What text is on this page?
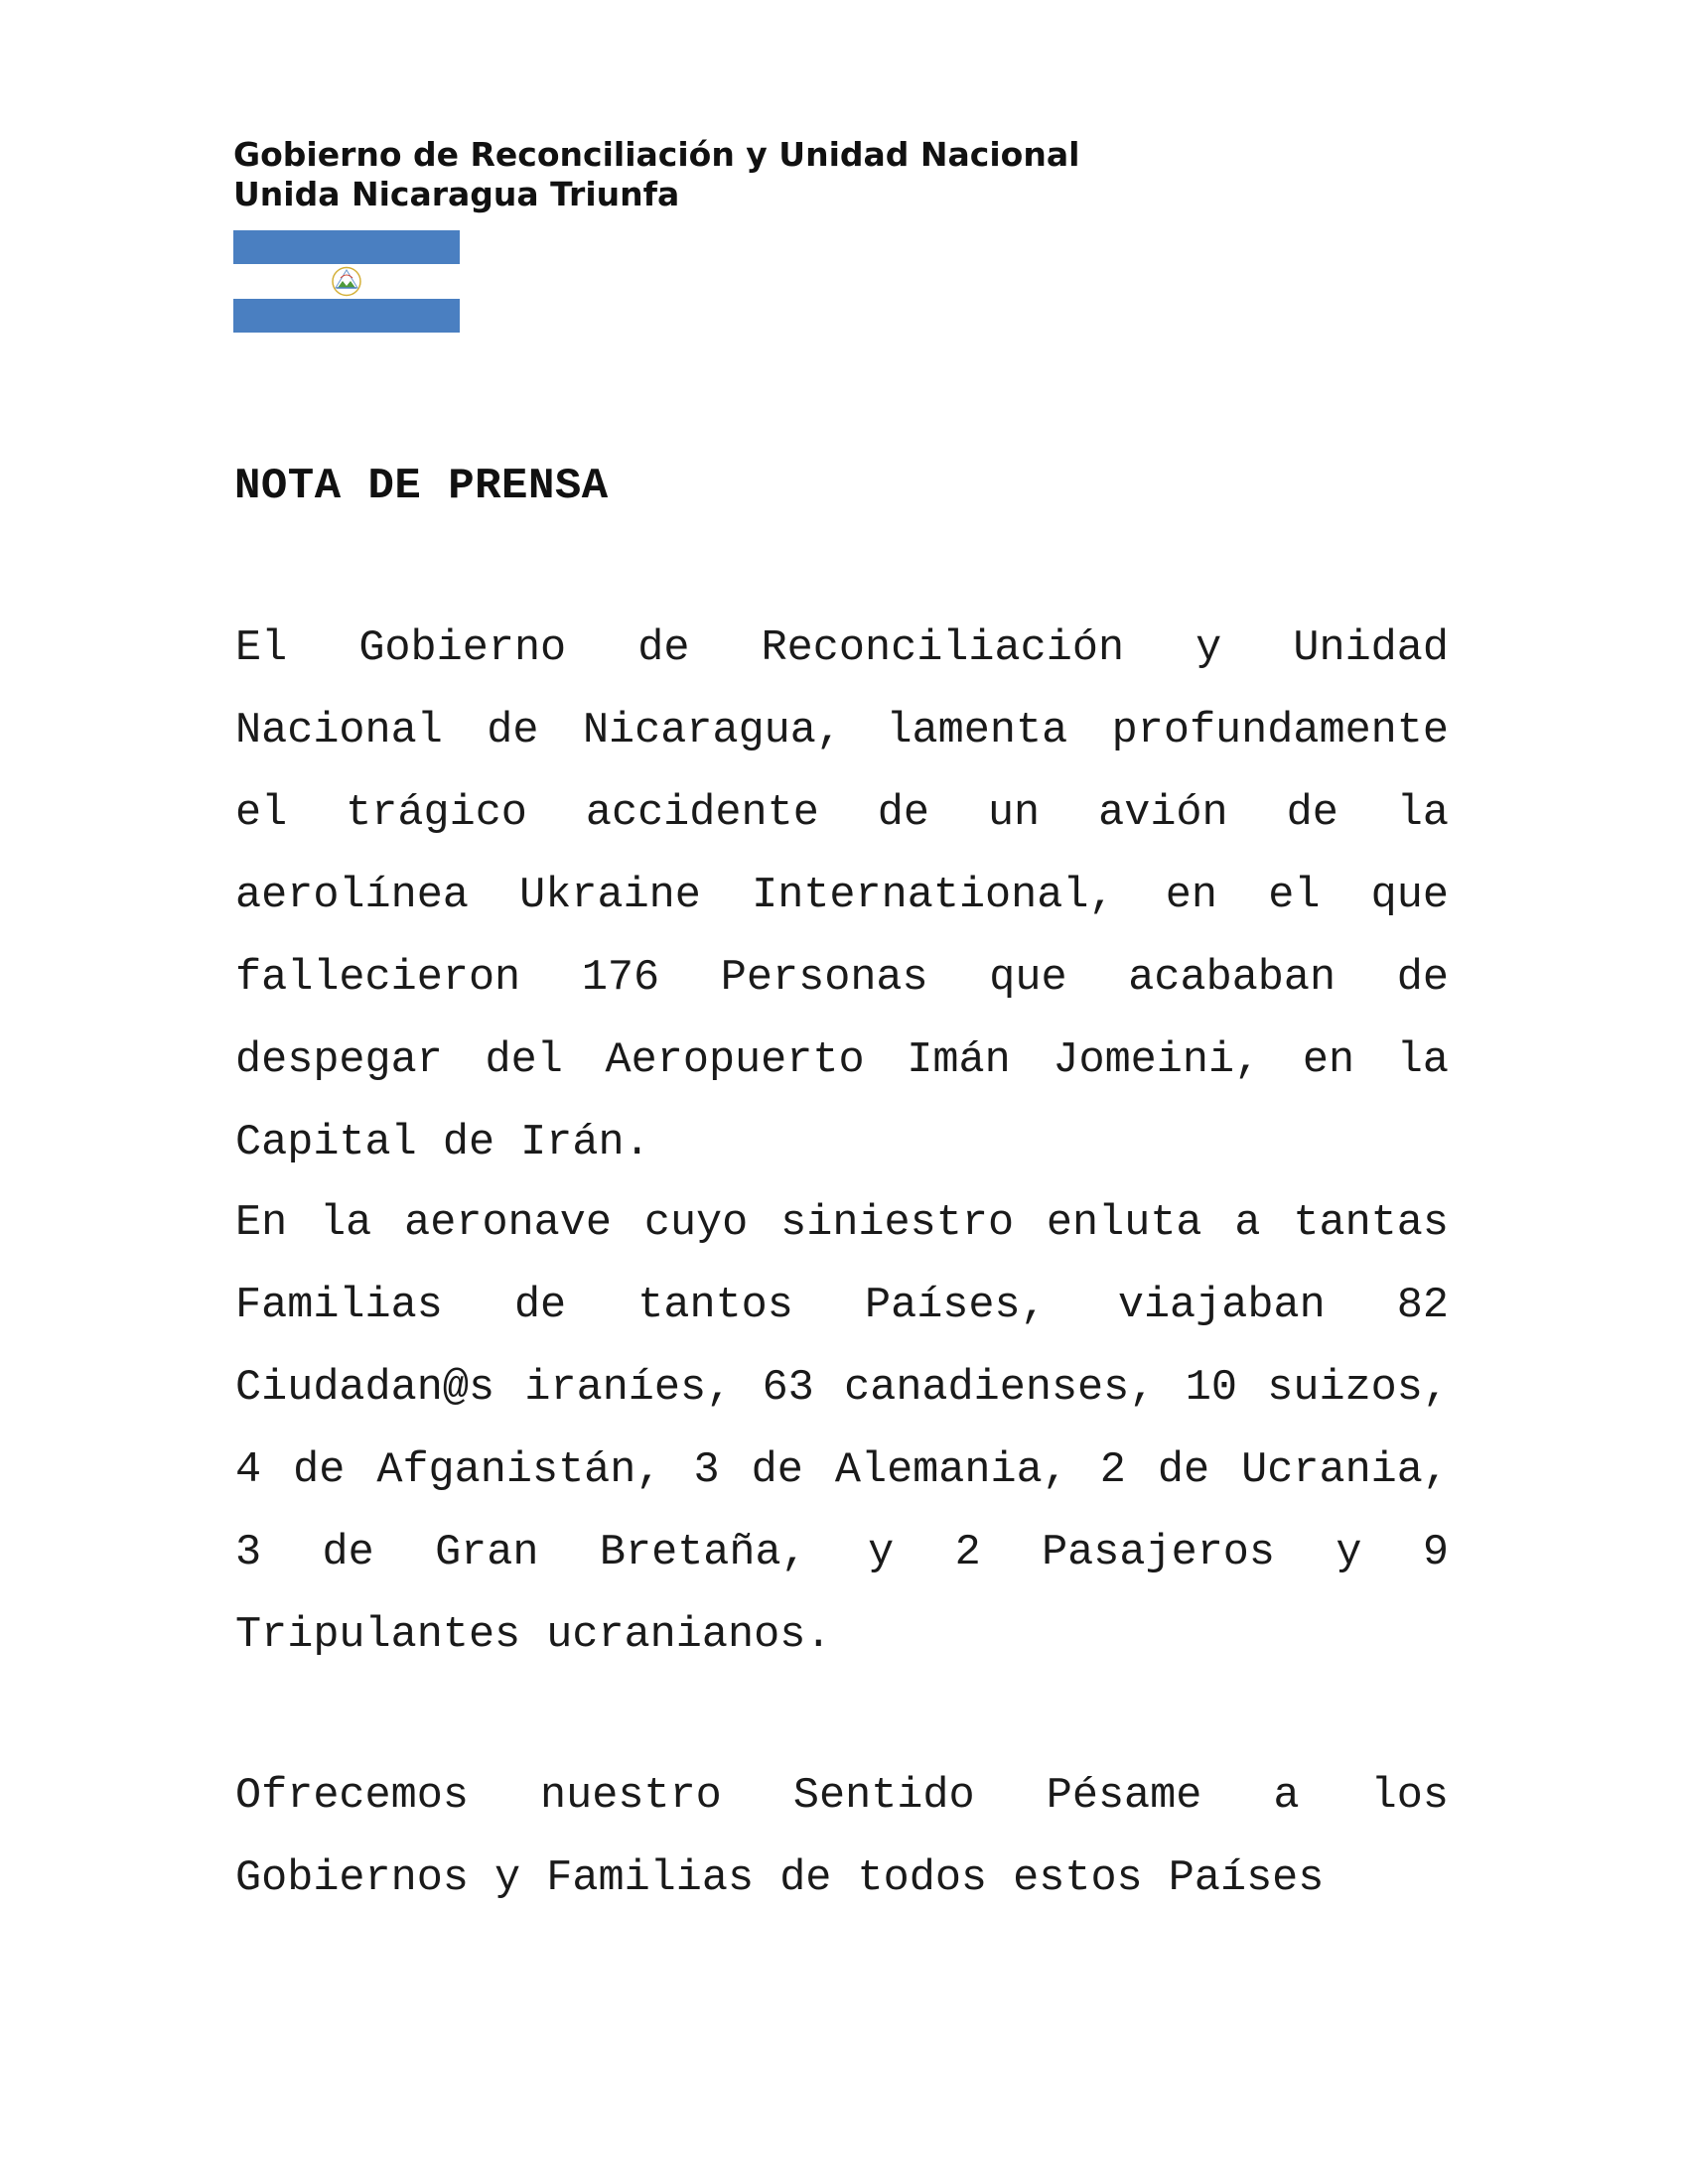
Gobierno de Reconciliación y Unidad Nacional
Unida Nicaragua Triunfa
NOTA DE PRENSA

El Gobierno de Reconciliación y Unidad Nacional de Nicaragua, lamenta profundamente el trágico accidente de un avión de la aerolínea Ukraine International, en el que fallecieron 176 Personas que acababan de despegar del Aeropuerto Imán Jomeini, en la Capital de Irán.

En la aeronave cuyo siniestro enluta a tantas Familias de tantos Países, viajaban 82 Ciudadan@s iraníes, 63 canadienses, 10 suizos, 4 de Afganistán, 3 de Alemania, 2 de Ucrania, 3 de Gran Bretaña, y 2 Pasajeros y 9 Tripulantes ucranianos.

Ofrecemos nuestro Sentido Pésame a los Gobiernos y Familias de todos estos Países
